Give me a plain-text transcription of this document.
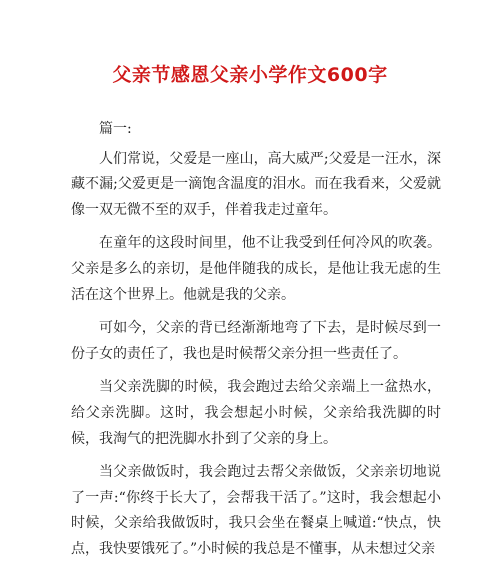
父亲节感恩父亲小学作文600字

篇一:

人们常说，父爱是一座山，高大威严;父爱是一汪水，深藏不漏;父爱更是一滴饱含温度的泪水。而在我看来，父爱就像一双无微不至的双手，伴着我走过童年。

在童年的这段时间里，他不让我受到任何冷风的吹袭。父亲是多么的亲切，是他伴随我的成长，是他让我无虑的生活在这个世界上。他就是我的父亲。

可如今，父亲的背已经渐渐地弯了下去，是时候尽到一份子女的责任了，我也是时候帮父亲分担一些责任了。

当父亲洗脚的时候，我会跑过去给父亲端上一盆热水，给父亲洗脚。这时，我会想起小时候，父亲给我洗脚的时候，我淘气的把洗脚水扑到了父亲的身上。

当父亲做饭时，我会跑过去帮父亲做饭，父亲亲切地说了一声:“你终于长大了，会帮我干活了。”这时，我会想起小时候，父亲给我做饭时，我只会坐在餐桌上喊道:“快点，快点，我快要饿死了。”小时候的我总是不懂事，从未想过父亲
